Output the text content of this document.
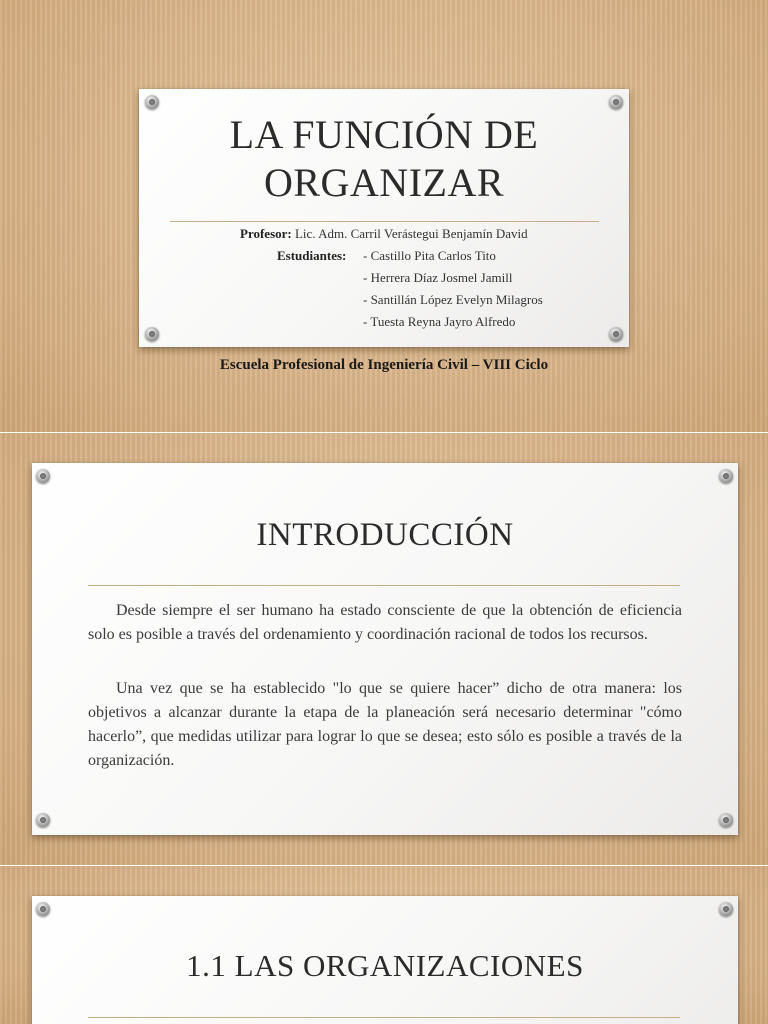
LA FUNCIÓN DE
ORGANIZAR
Profesor: Lic. Adm. Carril Verástegui Benjamín David
Estudiantes: - Castillo Pita Carlos Tito
- Herrera Díaz Josmel Jamill
- Santillán López Evelyn Milagros
- Tuesta Reyna Jayro Alfredo
Escuela Profesional de Ingeniería Civil – VIII Ciclo
INTRODUCCIÓN

Desde siempre el ser humano ha estado consciente de que la obtención de eficiencia solo es posible a través del ordenamiento y coordinación racional de todos los recursos.

Una vez que se ha establecido "lo que se quiere hacer” dicho de otra manera: los objetivos a alcanzar durante la etapa de la planeación será necesario determinar "cómo hacerlo”, que medidas utilizar para lograr lo que se desea; esto sólo es posible a través de la organización.

1.1 LAS ORGANIZACIONES
